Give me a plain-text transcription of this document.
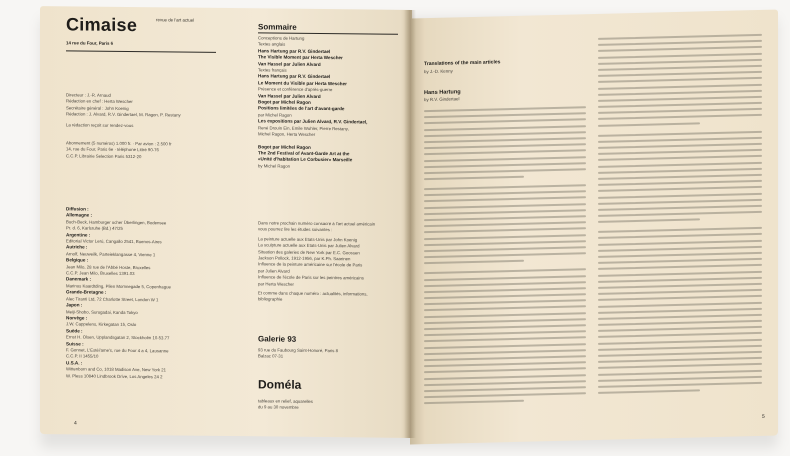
Cimaise	revue de l'art actuel
14 rue du Four, Paris 6
Directeur : J.-R. Arnaud
Rédaction en chef : Herta Wescher
Secrétaire général : John Koenig
Rédaction : J. Alvard, R.V. Gindertael, M. Ragon, P. Restany
La rédaction reçoit sur rendez-vous
Abonnement (5 numéros) 1.000 fr. · Par avion : 2.500 fr
14, rue du Four, Paris 6e · téléphone Littré 90-76
C.C.P. Librairie Selection Paris 5312-20
Diffusion :
Allemagne :
Buch-Beck, Hamburger ucher Überlingen, Bodensee
Pr. d. 6, Karlsruhe (Bd.) 47/25
Argentine :
Editorial Victor Lerú, Cangallo 2541, Buenos-Aires
Autriche :
Arnolf, Neuweilk, Parteieklangasse 4, Vienne 1
Belgique :
Jean Milo, 28 rue de l'Abbé Hoste, Bruxelles
C.C.P. Jean Milo, Bruxelles 1391.03
Danemark :
Marinus Kaardtding, Pilen Momnegade 5, Copenhague
Grande-Bretagne :
Alec Tiranti Ltd, 72 Charlotte Street, London W 1
Japon :
Meiji-Shobo, Surugadai, Kanda Tokyo
Norvège :
J.W. Cappelens, Kirkegatan 15, Oslo
Suède :
Ernst H. Olsen, Upplandsgatan 2, Stockholm 10-53.77
Suisse :
F. Gonnet, L'Estéi'ame's, rue du Four 4 a 4, Lausanne
C.C.P. II 1455/10
U.S.A. :
Wittenborn and Co, 1018 Madison Ave, New York 21
W. Pless 10840 Lindbrook Drive, Los Angeles 24 2
Sommaire
Conceptions de Hartung
Textes anglais
Hans Hartung par R.V. Gindertael
The Visible Moment par Herta Wescher
Van Hassel par Julien Alvard
Textes français
Hans Hartung par R.V. Gindertael
Le Moment du Visible par Herta Wescher
Présence et conférence d'après-guerre
Van Hassel par Julien Alvard
Bogot par Michel Ragon
Positions limitées de l'art d'avant-garde
par Michel Ragon
Les expositions par Julien Alvard, R.V. Gindertael,
René Drouin Ein, Emile Wuhler, Pierre Restany,
Michel Ragon, Herta Wescher
Bogot par Michel Ragon
The 2nd Festival of Avant-Garde Art at the
«Unité d'habitation Le Corbusier» Marseille
by Michel Ragon
Dans notre prochain numéro consacré à l'art actuel américain
vous pourrez lire les études suivantes :
La peinture actuelle aux Etats-Unis par John Koenig
La sculpture actuelle aux Etats-Unis par Julien Alvard
Situation des galeries de New York par E.C. Goossen
Jackson Pollock, 1912-1956, par K.Ph. Saarinen
Influence de la peinture américaine sur l'école de Paris
par Julien Alvard
Influence de l'école de Paris sur les peintres américains
par Herta Wescher
Et comme dans chaque numéro : actualités, informations,
bibliographie
Galerie 93
93 rue du Faubourg Saint-Honoré, Paris 8
Balzac 07-31
Doméla
tableaux en relief, aquarelles
du 9 au 30 novembre
4
Translations of the main articles
by J.-D. Kenny
Hans Hartung
by R.V. Gindertael
5
